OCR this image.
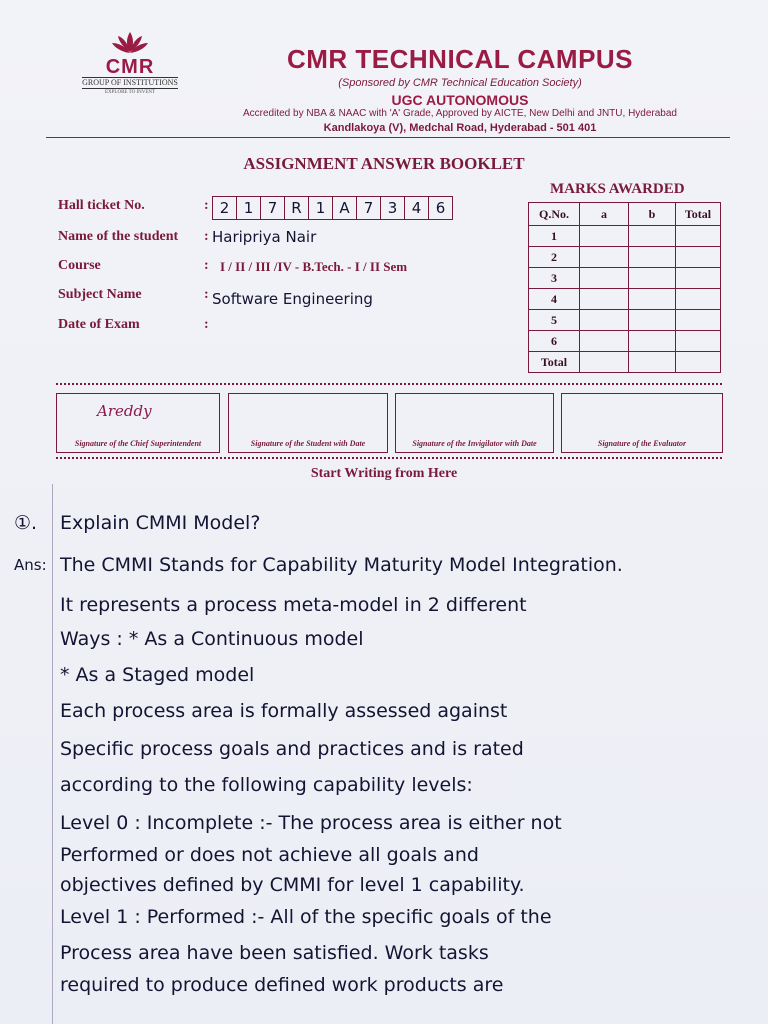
CMR
GROUP OF INSTITUTIONS
EXPLORE TO INVENT
CMR TECHNICAL CAMPUS
(Sponsored by CMR Technical Education Society)
UGC AUTONOMOUS
Accredited by NBA & NAAC with 'A' Grade, Approved by AICTE, New Delhi and JNTU, Hyderabad
Kandlakoya (V), Medchal Road, Hyderabad - 501 401
ASSIGNMENT ANSWER BOOKLET
MARKS AWARDED
Hall ticket No.	: 2 1 7 R 1 A 7 3 4 6
Name of the student : Haripriya Nair
Course	: I / II / III /IV - B.Tech. - I / II Sem
Subject Name	: Software Engineering
Date of Exam	:
Q.No.	a	b	Total
1			
2			
3			
4			
5			
6			
Total			
Areddy
Signature of the Chief Superintendent	Signature of the Student with Date	Signature of the Invigilator with Date	Signature of the Evaluator
Start Writing from Here
①. Explain CMMI Model?
Ans: The CMMI Stands for Capability Maturity Model Integration.
It represents a process meta-model in 2 different
Ways : * As a Continuous model
* As a Staged model
Each process area is formally assessed against
Specific process goals and practices and is rated
according to the following capability levels:
Level 0 : Incomplete :- The process area is either not
Performed or does not achieve all goals and
objectives defined by CMMI for level 1 capability.
Level 1 : Performed :- All of the specific goals of the
Process area have been satisfied. Work tasks
required to produce defined work products are
